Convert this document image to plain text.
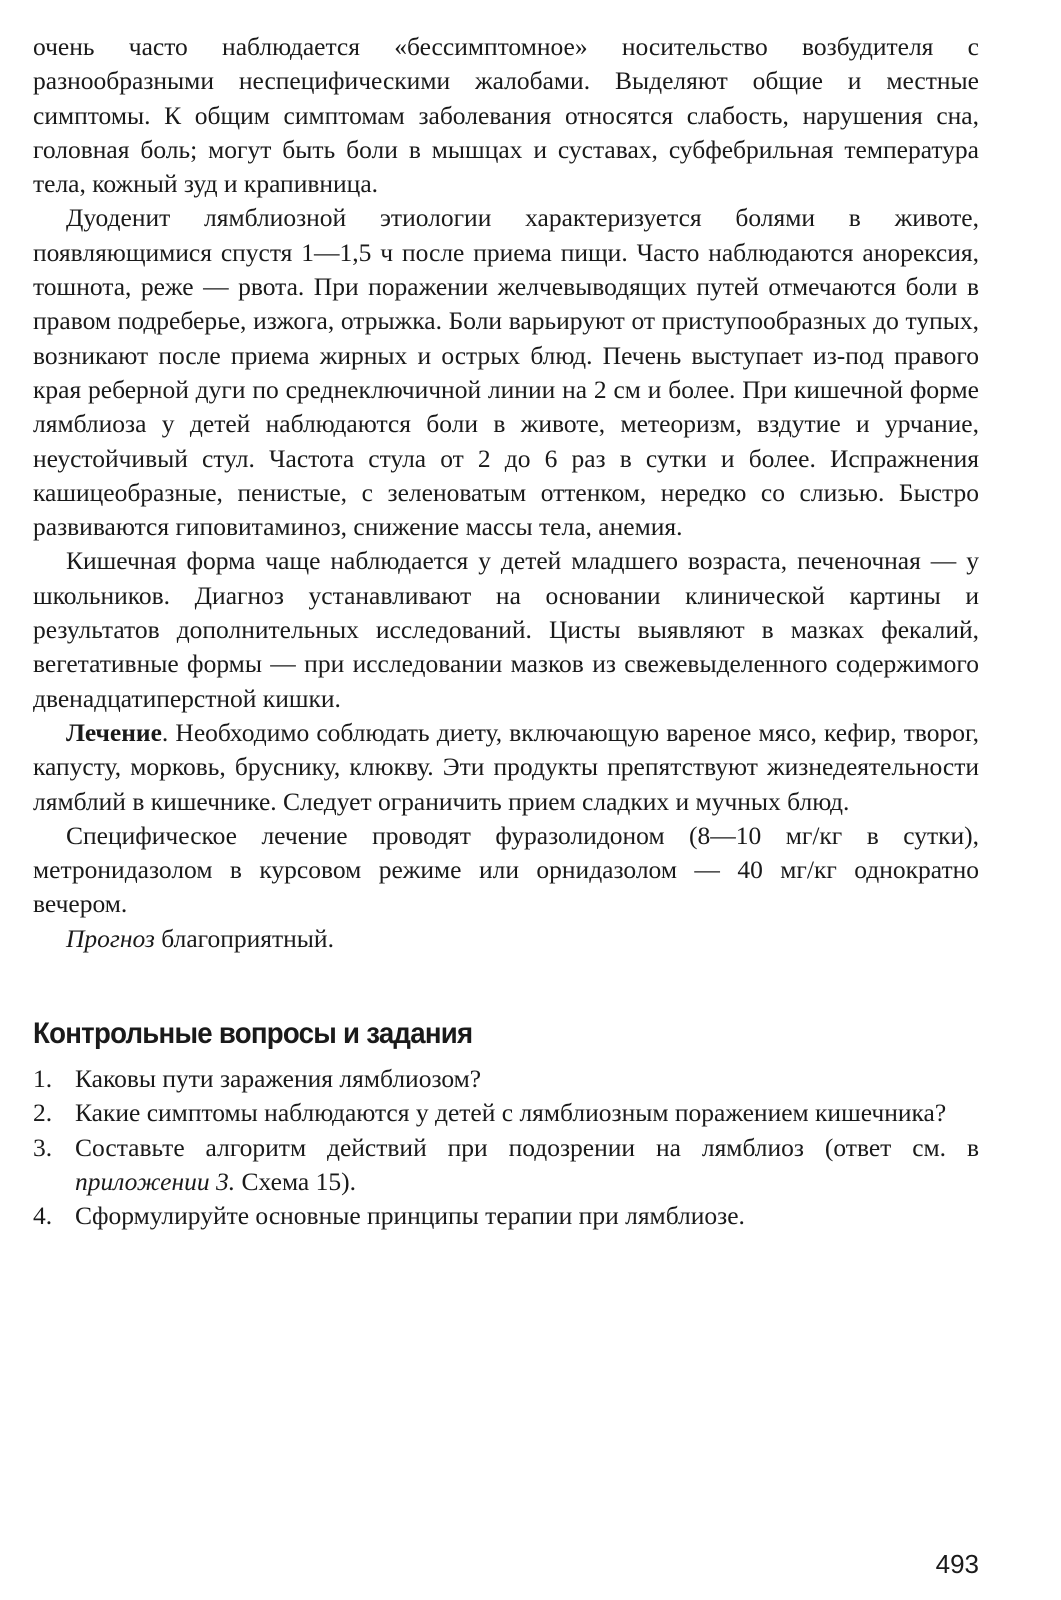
очень часто наблюдается «бессимптомное» носительство возбудителя с разнообразными неспецифическими жалобами. Выделяют общие и местные симптомы. К общим симптомам заболевания относятся слабость, нарушения сна, головная боль; могут быть боли в мышцах и суставах, субфебрильная температура тела, кожный зуд и крапивница.

Дуоденит лямблиозной этиологии характеризуется болями в животе, появляющимися спустя 1—1,5 ч после приема пищи. Часто наблюдаются анорексия, тошнота, реже — рвота. При поражении желчевыводящих путей отмечаются боли в правом подреберье, изжога, отрыжка. Боли варьируют от приступообразных до тупых, возникают после приема жирных и острых блюд. Печень выступает из-под правого края реберной дуги по среднеключичной линии на 2 см и более. При кишечной форме лямблиоза у детей наблюдаются боли в животе, метеоризм, вздутие и урчание, неустойчивый стул. Частота стула от 2 до 6 раз в сутки и более. Испражнения кашицеобразные, пенистые, с зеленоватым оттенком, нередко со слизью. Быстро развиваются гиповитаминоз, снижение массы тела, анемия.

Кишечная форма чаще наблюдается у детей младшего возраста, печеночная — у школьников. Диагноз устанавливают на основании клинической картины и результатов дополнительных исследований. Цисты выявляют в мазках фекалий, вегетативные формы — при исследовании мазков из свежевыделенного содержимого двенадцатиперстной кишки.

Лечение. Необходимо соблюдать диету, включающую вареное мясо, кефир, творог, капусту, морковь, бруснику, клюкву. Эти продукты препятствуют жизнедеятельности лямблий в кишечнике. Следует ограничить прием сладких и мучных блюд.

Специфическое лечение проводят фуразолидоном (8—10 мг/кг в сутки), метронидазолом в курсовом режиме или орнидазолом — 40 мг/кг однократно вечером.

Прогноз благоприятный.

Контрольные вопросы и задания
1. Каковы пути заражения лямблиозом?
2. Какие симптомы наблюдаются у детей с лямблиозным поражением кишечника?
3. Составьте алгоритм действий при подозрении на лямблиоз (ответ см. в приложении 3. Схема 15).
4. Сформулируйте основные принципы терапии при лямблиозе.
493
